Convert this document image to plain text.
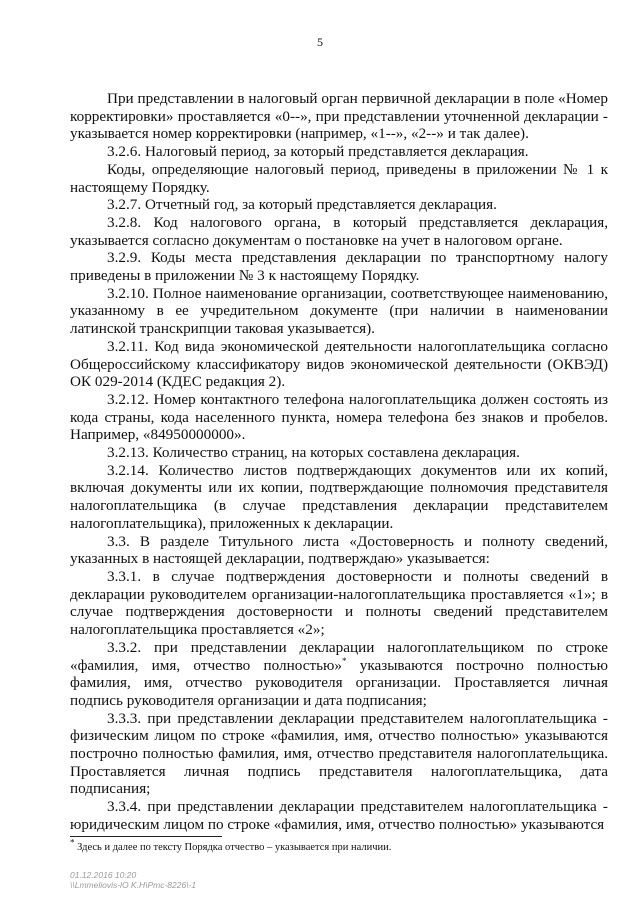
5

При представлении в налоговый орган первичной декларации в поле «Номер корректировки» проставляется «0--», при представлении уточненной декларации - указывается номер корректировки (например, «1--», «2--» и так далее).

3.2.6. Налоговый период, за который представляется декларация.

Коды, определяющие налоговый период, приведены в приложении № 1 к настоящему Порядку.

3.2.7. Отчетный год, за который представляется декларация.

3.2.8. Код налогового органа, в который представляется декларация, указывается согласно документам о постановке на учет в налоговом органе.

3.2.9. Коды места представления декларации по транспортному налогу приведены в приложении № 3 к настоящему Порядку.

3.2.10. Полное наименование организации, соответствующее наименованию, указанному в ее учредительном документе (при наличии в наименовании латинской транскрипции таковая указывается).

3.2.11. Код вида экономической деятельности налогоплательщика согласно Общероссийскому классификатору видов экономической деятельности (ОКВЭД) ОК 029-2014 (КДЕС редакция 2).

3.2.12. Номер контактного телефона налогоплательщика должен состоять из кода страны, кода населенного пункта, номера телефона без знаков и пробелов. Например, «84950000000».

3.2.13. Количество страниц, на которых составлена декларация.

3.2.14. Количество листов подтверждающих документов или их копий, включая документы или их копии, подтверждающие полномочия представителя налогоплательщика (в случае представления декларации представителем налогоплательщика), приложенных к декларации.

3.3. В разделе Титульного листа «Достоверность и полноту сведений, указанных в настоящей декларации, подтверждаю» указывается:

3.3.1. в случае подтверждения достоверности и полноты сведений в декларации руководителем организации-налогоплательщика проставляется «1»; в случае подтверждения достоверности и полноты сведений представителем налогоплательщика проставляется «2»;

3.3.2. при представлении декларации налогоплательщиком по строке «фамилия, имя, отчество полностью»* указываются построчно полностью фамилия, имя, отчество руководителя организации. Проставляется личная подпись руководителя организации и дата подписания;

3.3.3. при представлении декларации представителем налогоплательщика - физическим лицом по строке «фамилия, имя, отчество полностью» указываются построчно полностью фамилия, имя, отчество представителя налогоплательщика. Проставляется личная подпись представителя налогоплательщика, дата подписания;

3.3.4. при представлении декларации представителем налогоплательщика - юридическим лицом по строке «фамилия, имя, отчество полностью» указываются

* Здесь и далее по тексту Порядка отчество – указывается при наличии.
01.12.2016 10:20
\\Lmmeliovis-lO K.H\Pmc-8226\-1
